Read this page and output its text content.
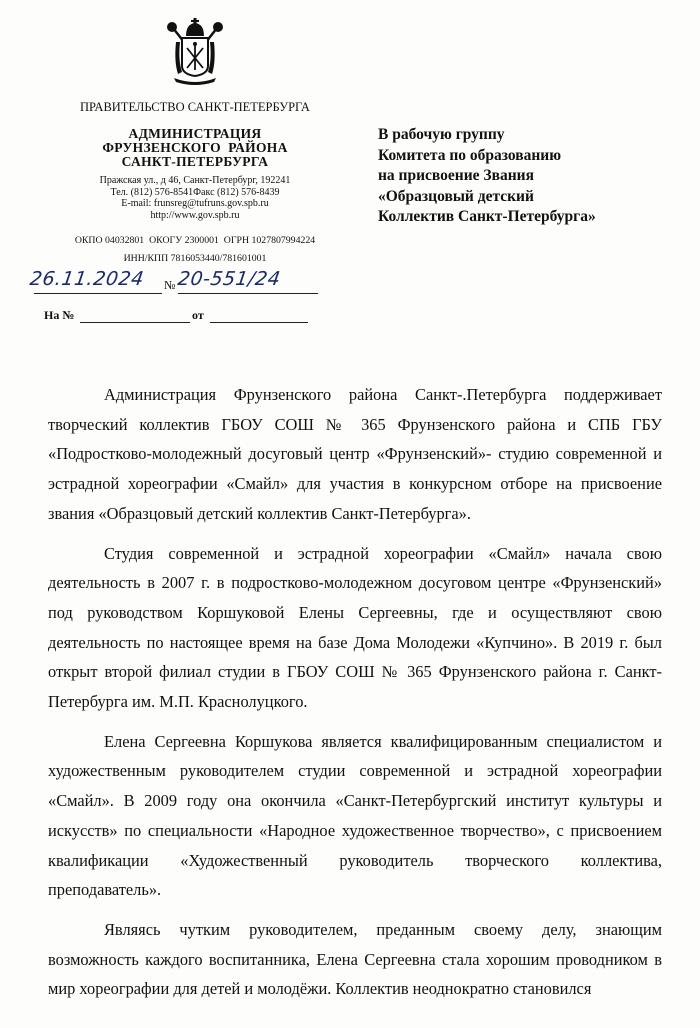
ПРАВИТЕЛЬСТВО САНКТ-ПЕТЕРБУРГА
АДМИНИСТРАЦИЯ
ФРУНЗЕНСКОГО  РАЙОНА
САНКТ-ПЕТЕРБУРГА
Пражская ул., д 46, Санкт-Петербург, 192241
Тел. (812) 576-8541Факс (812) 576-8439
E-mail: frunsreg@tufruns.gov.spb.ru
http://www.gov.spb.ru
ОКПО 04032801  ОКОГУ 2300001  ОГРН 1027807994224
ИНН/КПП 7816053440/781601001
26.11.2024 № 20-551/24
На №	от
В рабочую группу
Комитета по образованию
на присвоение Звания
«Образцовый детский
Коллектив Санкт-Петербурга»

Администрация Фрунзенского района Санкт-.Петербурга поддерживает творческий коллектив ГБОУ СОШ № 365 Фрунзенского района и СПБ ГБУ «Подростково-молодежный досуговый центр «Фрунзенский»- студию современной и эстрадной хореографии «Смайл» для участия в конкурсном отборе на присвоение звания «Образцовый детский коллектив Санкт-Петербурга».

Студия современной и эстрадной хореографии «Смайл» начала свою деятельность в 2007 г. в подростково-молодежном досуговом центре «Фрунзенский» под руководством Коршуковой Елены Сергеевны, где и осуществляют свою деятельность по настоящее время на базе Дома Молодежи «Купчино». В 2019 г. был открыт второй филиал студии в ГБОУ СОШ № 365 Фрунзенского района г. Санкт- Петербурга им. М.П. Краснолуцкого.

Елена Сергеевна Коршукова является квалифицированным специалистом и художественным руководителем студии современной и эстрадной хореографии «Смайл». В 2009 году она окончила «Санкт-Петербургский институт культуры и искусств» по специальности «Народное художественное творчество», с присвоением квалификации «Художественный руководитель творческого коллектива, преподаватель».

Являясь чутким руководителем, преданным своему делу, знающим возможность каждого воспитанника, Елена Сергеевна стала хорошим проводником в мир хореографии для детей и молодёжи. Коллектив неоднократно становился
